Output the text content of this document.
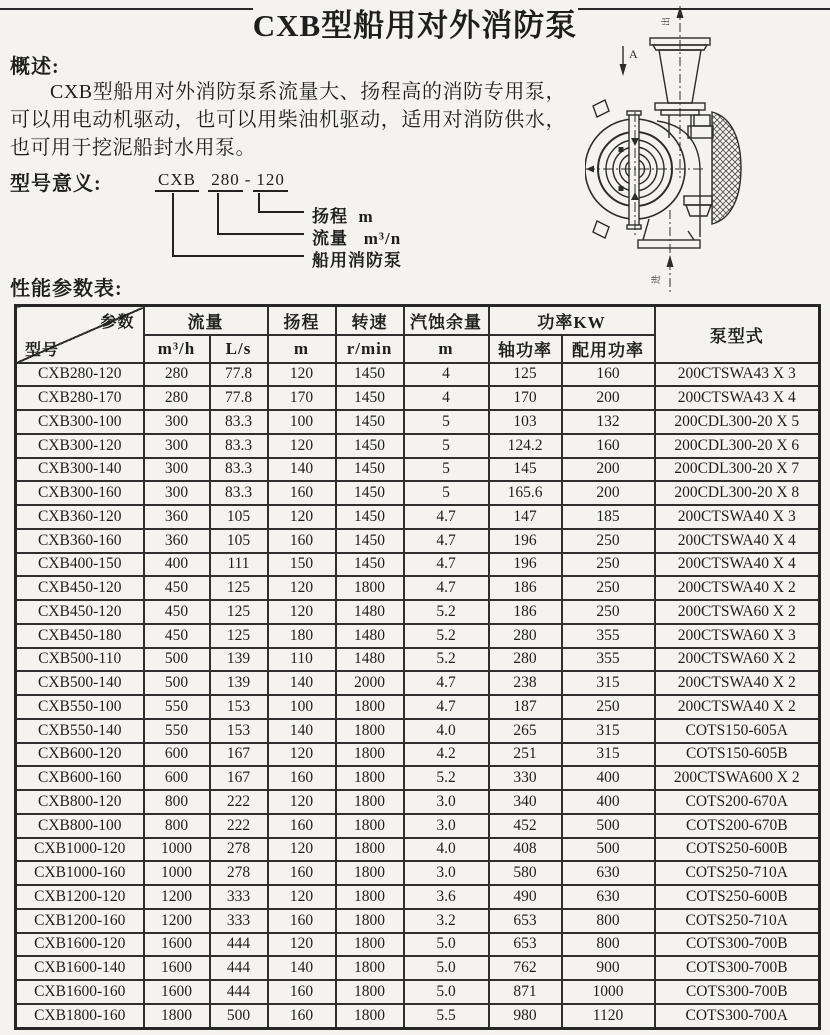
CXB型船用对外消防泵
概述:

CXB型船用对外消防泵系流量大、扬程高的消防专用泵，可以用电动机驱动，也可以用柴油机驱动，适用对消防供水，也可用于挖泥船封水用泵。

型号意义:	CXB 280 - 120
扬程  m
流量   m³/n
船用消防泵
A
出
进
性能参数表:
参数
型号	流量		扬程	转速	汽蚀余量	功率KW		泵型式
	m³/h	L/s	m	r/min	m	轴功率	配用功率	
CXB280-120	280	77.8	120	1450	4	125	160	200CTSWA43 X 3
CXB280-170	280	77.8	170	1450	4	170	200	200CTSWA43 X 4
CXB300-100	300	83.3	100	1450	5	103	132	200CDL300-20 X 5
CXB300-120	300	83.3	120	1450	5	124.2	160	200CDL300-20 X 6
CXB300-140	300	83.3	140	1450	5	145	200	200CDL300-20 X 7
CXB300-160	300	83.3	160	1450	5	165.6	200	200CDL300-20 X 8
CXB360-120	360	105	120	1450	4.7	147	185	200CTSWA40 X 3
CXB360-160	360	105	160	1450	4.7	196	250	200CTSWA40 X 4
CXB400-150	400	111	150	1450	4.7	196	250	200CTSWA40 X 4
CXB450-120	450	125	120	1800	4.7	186	250	200CTSWA40 X 2
CXB450-120	450	125	120	1480	5.2	186	250	200CTSWA60 X 2
CXB450-180	450	125	180	1480	5.2	280	355	200CTSWA60 X 3
CXB500-110	500	139	110	1480	5.2	280	355	200CTSWA60 X 2
CXB500-140	500	139	140	2000	4.7	238	315	200CTSWA40 X 2
CXB550-100	550	153	100	1800	4.7	187	250	200CTSWA40 X 2
CXB550-140	550	153	140	1800	4.0	265	315	COTS150-605A
CXB600-120	600	167	120	1800	4.2	251	315	COTS150-605B
CXB600-160	600	167	160	1800	5.2	330	400	200CTSWA600 X 2
CXB800-120	800	222	120	1800	3.0	340	400	COTS200-670A
CXB800-100	800	222	160	1800	3.0	452	500	COTS200-670B
CXB1000-120	1000	278	120	1800	4.0	408	500	COTS250-600B
CXB1000-160	1000	278	160	1800	3.0	580	630	COTS250-710A
CXB1200-120	1200	333	120	1800	3.6	490	630	COTS250-600B
CXB1200-160	1200	333	160	1800	3.2	653	800	COTS250-710A
CXB1600-120	1600	444	120	1800	5.0	653	800	COTS300-700B
CXB1600-140	1600	444	140	1800	5.0	762	900	COTS300-700B
CXB1600-160	1600	444	160	1800	5.0	871	1000	COTS300-700B
CXB1800-160	1800	500	160	1800	5.5	980	1120	COTS300-700A
